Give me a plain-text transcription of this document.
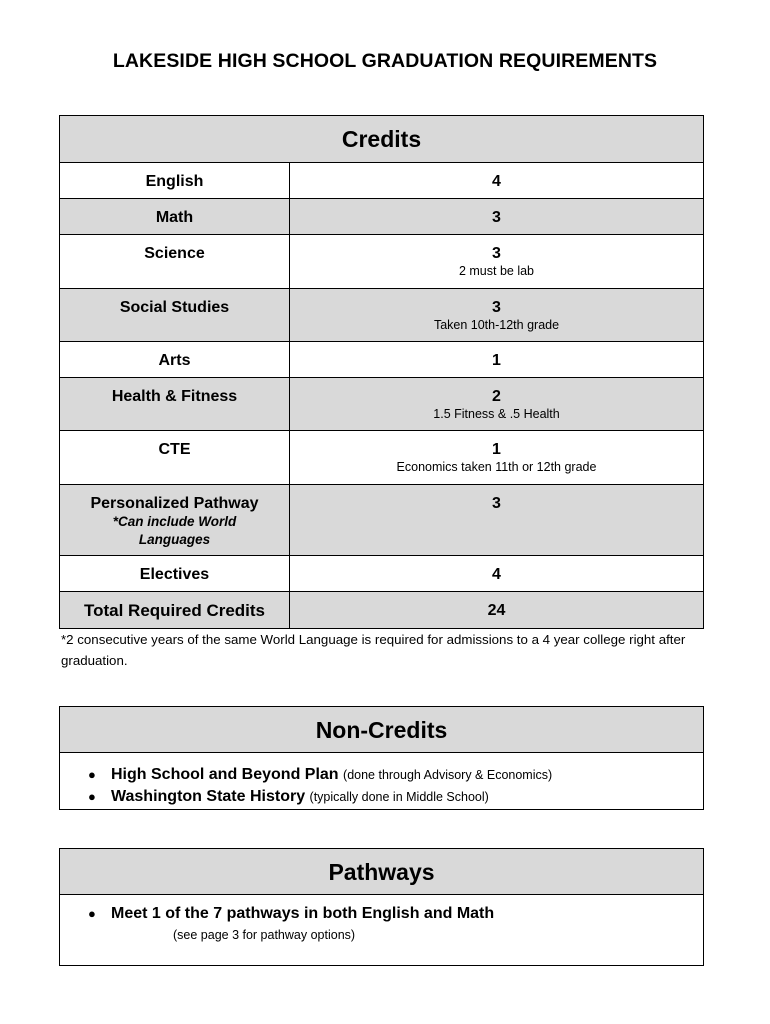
LAKESIDE HIGH SCHOOL GRADUATION REQUIREMENTS
Credits
English	4

Math	3

Science	3
2 must be lab

Social Studies	3
Taken 10th-12th grade

Arts	1

Health & Fitness	2
1.5 Fitness & .5 Health

CTE	1
Economics taken 11th or 12th grade

Personalized Pathway
*Can include World Languages	3

Electives	4

Total Required Credits	24
*2 consecutive years of the same World Language is required for admissions to a 4 year college right after graduation.
Non-Credits
● High School and Beyond Plan (done through Advisory & Economics)
● Washington State History (typically done in Middle School)
Pathways
● Meet 1 of the 7 pathways in both English and Math
(see page 3 for pathway options)
